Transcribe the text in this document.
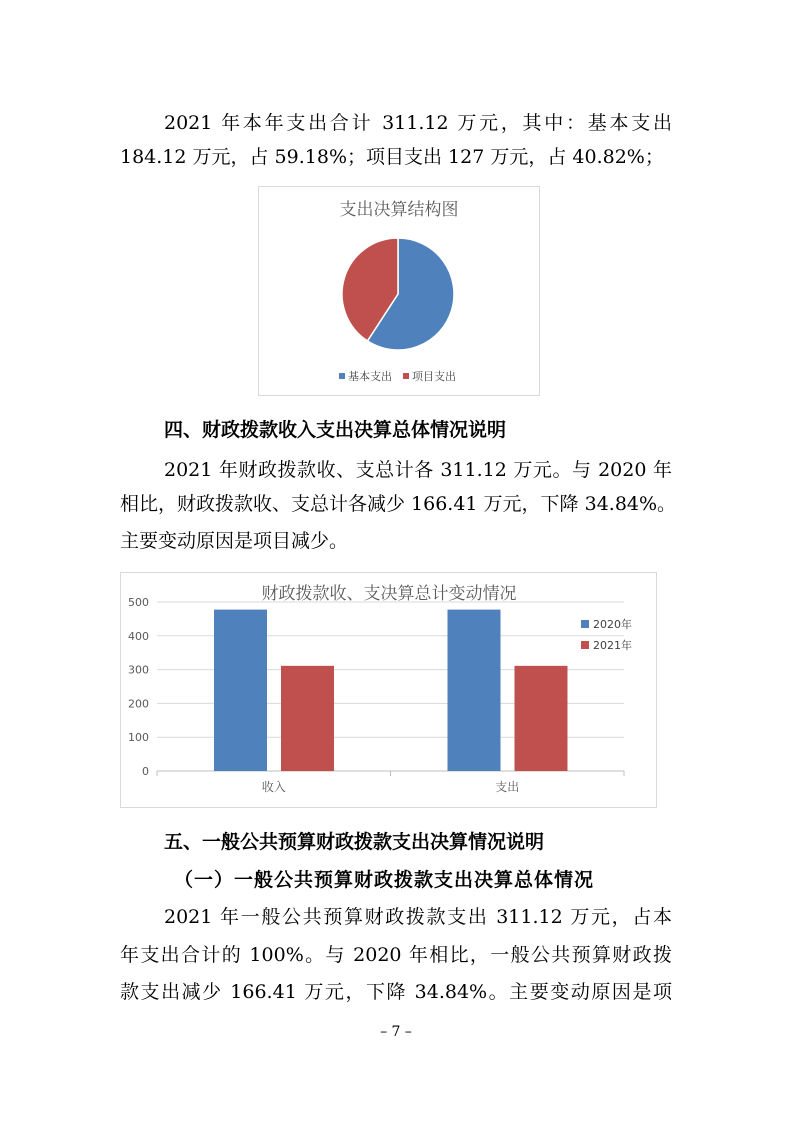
2021 年本年支出合计 311.12 万元，其中：基本支出
184.12 万元，占 59.18%；项目支出 127 万元，占 40.82%；
支出决算结构图
基本支出 项目支出
四、财政拨款收入支出决算总体情况说明
2021 年财政拨款收、支总计各 311.12 万元。与 2020 年
相比，财政拨款收、支总计各减少 166.41 万元，下降 34.84%。
主要变动原因是项目减少。
财政拨款收、支决算总计变动情况
0
100
200
300
400
500
收入	支出
2020年
2021年
五、一般公共预算财政拨款支出决算情况说明
（一）一般公共预算财政拨款支出决算总体情况
2021 年一般公共预算财政拨款支出 311.12 万元，占本
年支出合计的 100%。与 2020 年相比，一般公共预算财政拨
款支出减少 166.41 万元，下降 34.84%。主要变动原因是项
– 7 –
